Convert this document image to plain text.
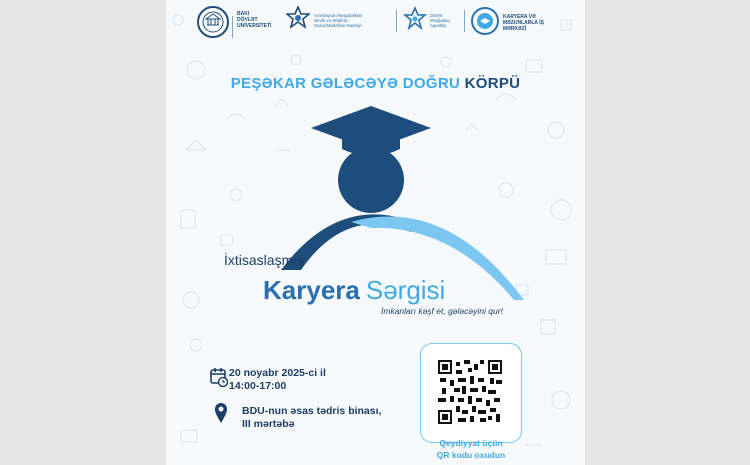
BAKI
DÖVLƏT
UNİVERSİTETİ
Azərbaycan Respublikası
Əmək və Əhalinin
Sosial Müdafiəsi Nazirliyi
Dövlət
Məşğulluq
Agentliyi
KARYERA VƏ
MƏZUNLARLA İŞ
MƏRKƏZİ
PEŞƏKAR GƏLƏCƏYƏ DOĞRU KÖRPÜ
İxtisaslaşmış
Karyera Sərgisi
İmkanları kəşf et, gələcəyini qur!
20 noyabr 2025-ci il
14:00-17:00
BDU-nun əsas tədris binası,
III mərtəbə
Qeydiyyat üçün
QR kodu oxudun
